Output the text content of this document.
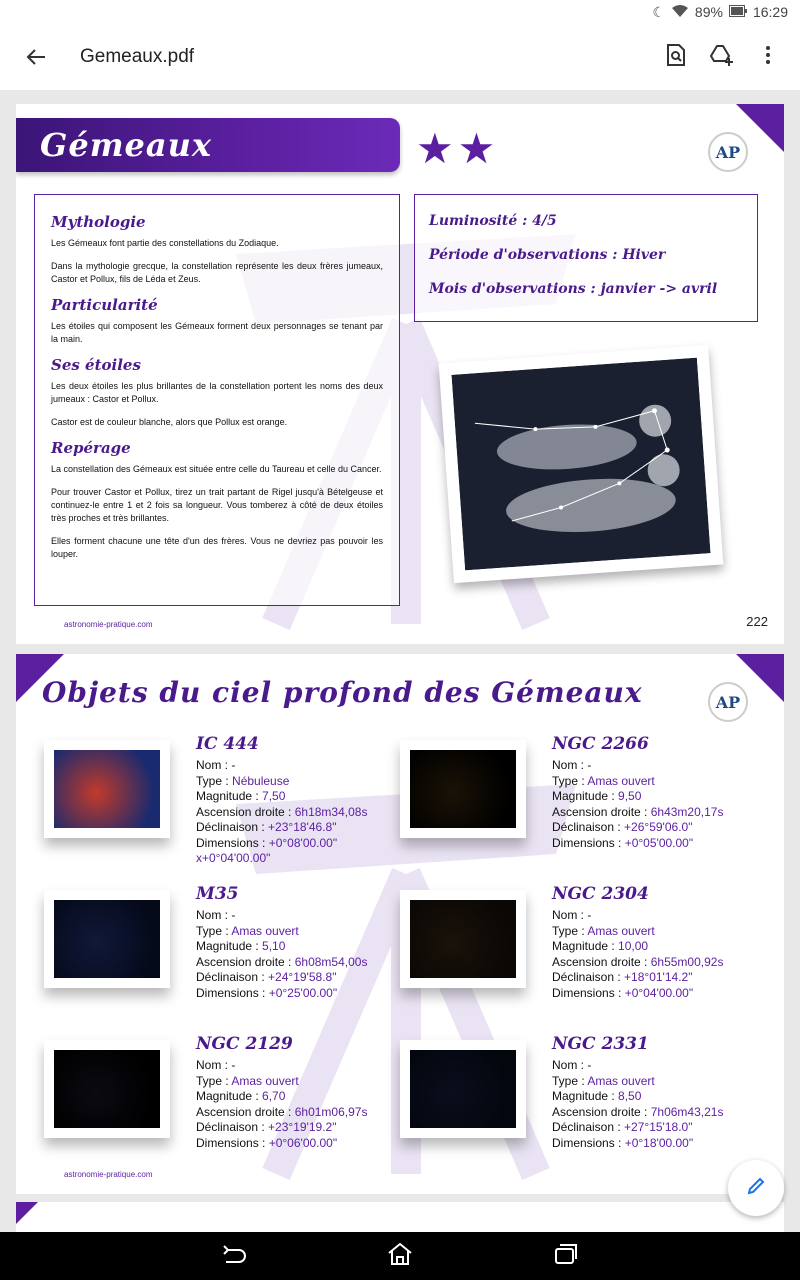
☾ 89% 16:29
Gemeaux.pdf
Gémeaux	★★	AP
Mythologie

Les Gémeaux font partie des constellations du Zodiaque.

Dans la mythologie grecque, la constellation représente les deux frères jumeaux, Castor et Pollux, fils de Léda et Zeus.

Particularité

Les étoiles qui composent les Gémeaux forment deux personnages se tenant par la main.

Ses étoiles

Les deux étoiles les plus brillantes de la constellation portent les noms des deux jumeaux : Castor et Pollux.

Castor est de couleur blanche, alors que Pollux est orange.

Repérage

La constellation des Gémeaux est située entre celle du Taureau et celle du Cancer.

Pour trouver Castor et Pollux, tirez un trait partant de Rigel jusqu'à Bételgeuse et continuez-le entre 1 et 2 fois sa longueur. Vous tomberez à côté de deux étoiles très proches et très brillantes.

Elles forment chacune une tête d'un des frères. Vous ne devriez pas pouvoir les louper.

Luminosité : 4/5
Période d'observations : Hiver
Mois d'observations : janvier -> avril
astronomie-pratique.com	222
Objets du ciel profond des Gémeaux	AP
IC 444
Nom : -
Type : Nébuleuse
Magnitude : 7,50
Ascension droite : 6h18m34,08s
Déclinaison : +23°18'46.8"
Dimensions : +0°08'00.00"
x+0°04'00.00"
NGC 2266
Nom : -
Type : Amas ouvert
Magnitude : 9,50
Ascension droite : 6h43m20,17s
Déclinaison : +26°59'06.0"
Dimensions : +0°05'00.00"
M35
Nom : -
Type : Amas ouvert
Magnitude : 5,10
Ascension droite : 6h08m54,00s
Déclinaison : +24°19'58.8"
Dimensions : +0°25'00.00"
NGC 2304
Nom : -
Type : Amas ouvert
Magnitude : 10,00
Ascension droite : 6h55m00,92s
Déclinaison : +18°01'14.2"
Dimensions : +0°04'00.00"
NGC 2129
Nom : -
Type : Amas ouvert
Magnitude : 6,70
Ascension droite : 6h01m06,97s
Déclinaison : +23°19'19.2"
Dimensions : +0°06'00.00"
NGC 2331
Nom : -
Type : Amas ouvert
Magnitude : 8,50
Ascension droite : 7h06m43,21s
Déclinaison : +27°15'18.0"
Dimensions : +0°18'00.00"
astronomie-pratique.com
